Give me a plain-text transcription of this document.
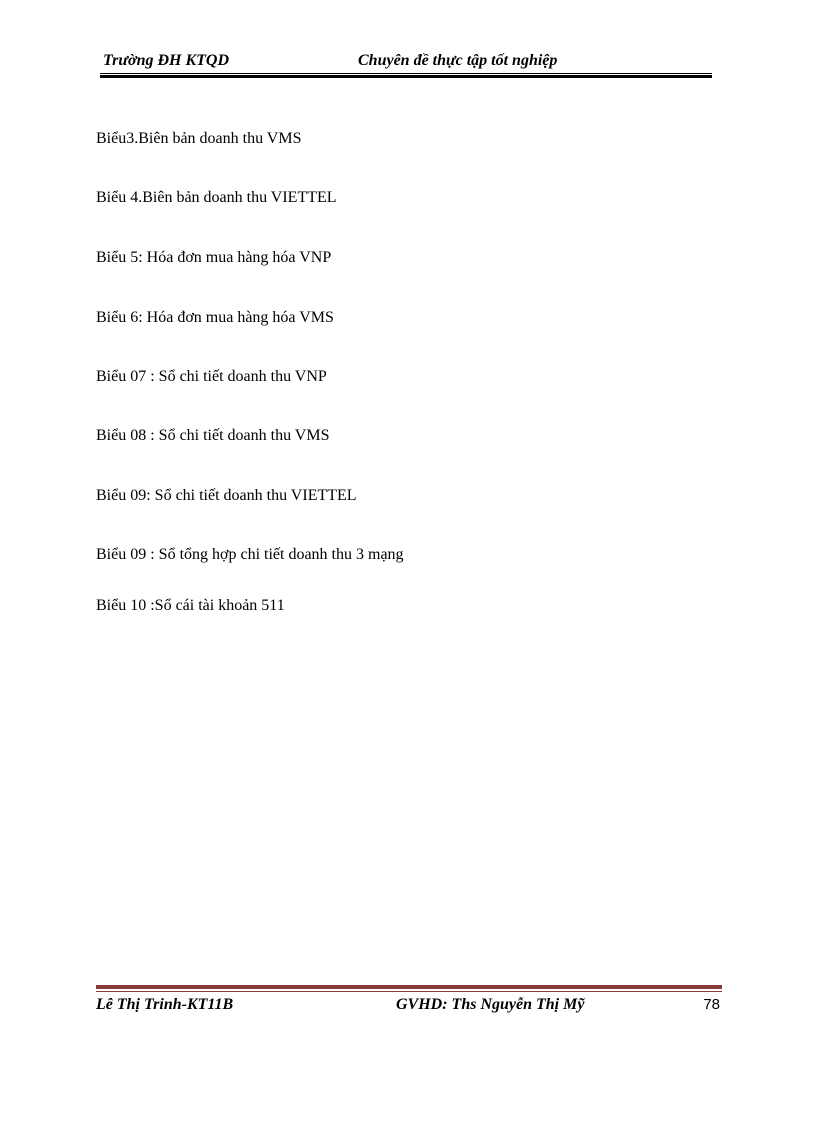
Trường ĐH KTQD	Chuyên đề thực tập tốt nghiệp
Biểu3.Biên bản doanh thu VMS
Biểu 4.Biên bản doanh thu VIETTEL
Biểu 5: Hóa đơn mua hàng hóa VNP
Biểu 6: Hóa đơn mua hàng hóa VMS
Biểu 07 : Sổ chi tiết doanh thu VNP
Biểu 08 : Sổ chi tiết doanh thu VMS
Biểu 09: Sổ chi tiết doanh thu VIETTEL
Biểu 09 : Sổ tổng hợp chi tiết doanh thu 3 mạng
Biểu 10 :Sổ cái tài khoản 511
Lê Thị Trinh-KT11B	GVHD: Ths Nguyễn Thị Mỹ	78
